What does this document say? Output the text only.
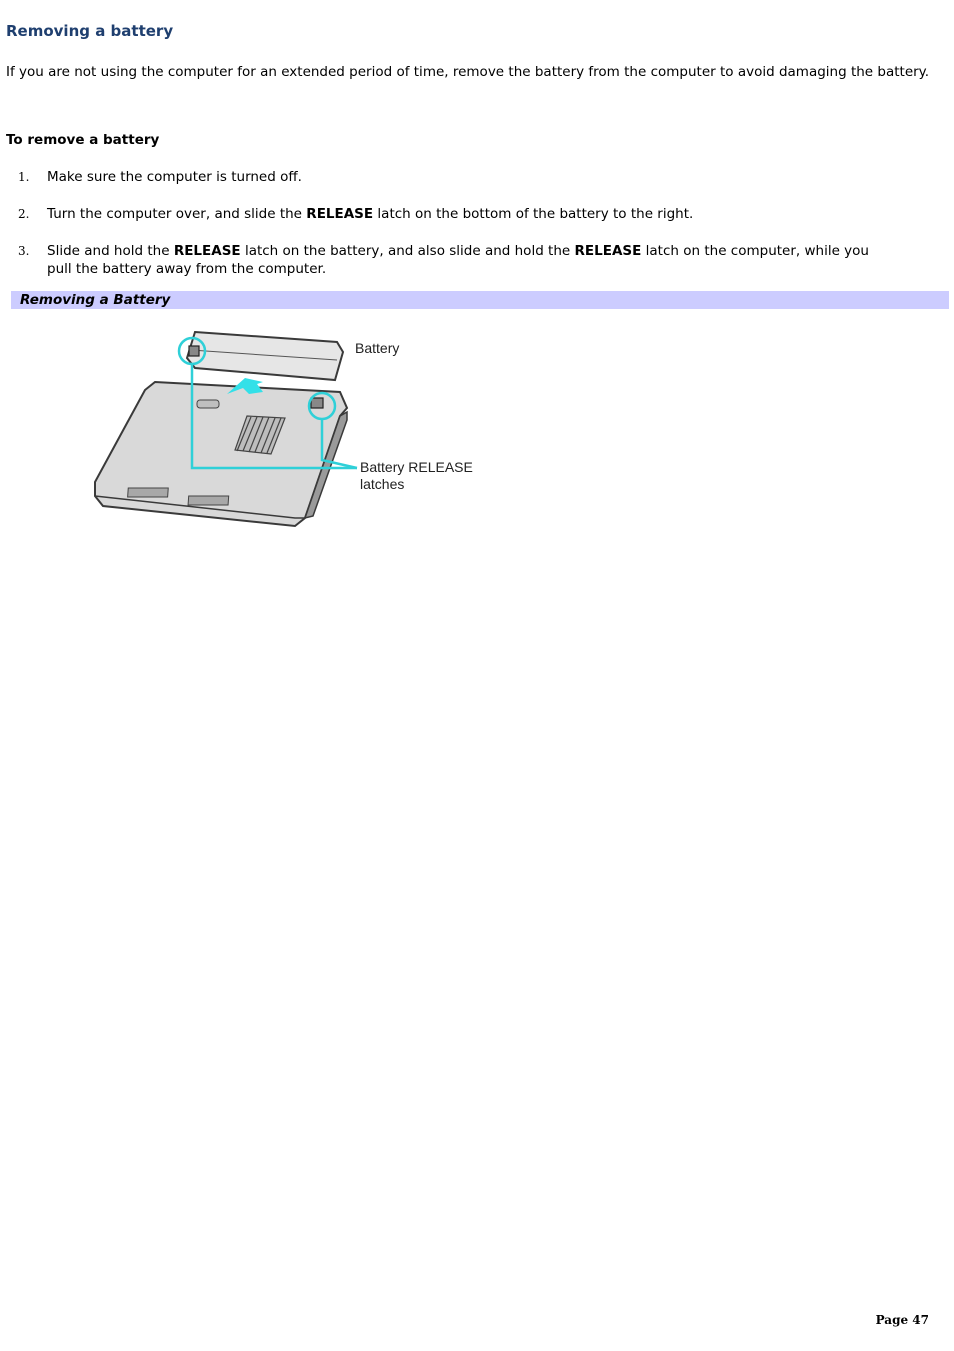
Removing a battery

If you are not using the computer for an extended period of time, remove the battery from the computer to avoid damaging the battery.

To remove a battery

1. Make sure the computer is turned off.
2. Turn the computer over, and slide the RELEASE latch on the bottom of the battery to the right.
3. Slide and hold the RELEASE latch on the battery, and also slide and hold the RELEASE latch on the computer, while you pull the battery away from the computer.
Removing a Battery
Battery
Battery RELEASE
latches
Page 47
